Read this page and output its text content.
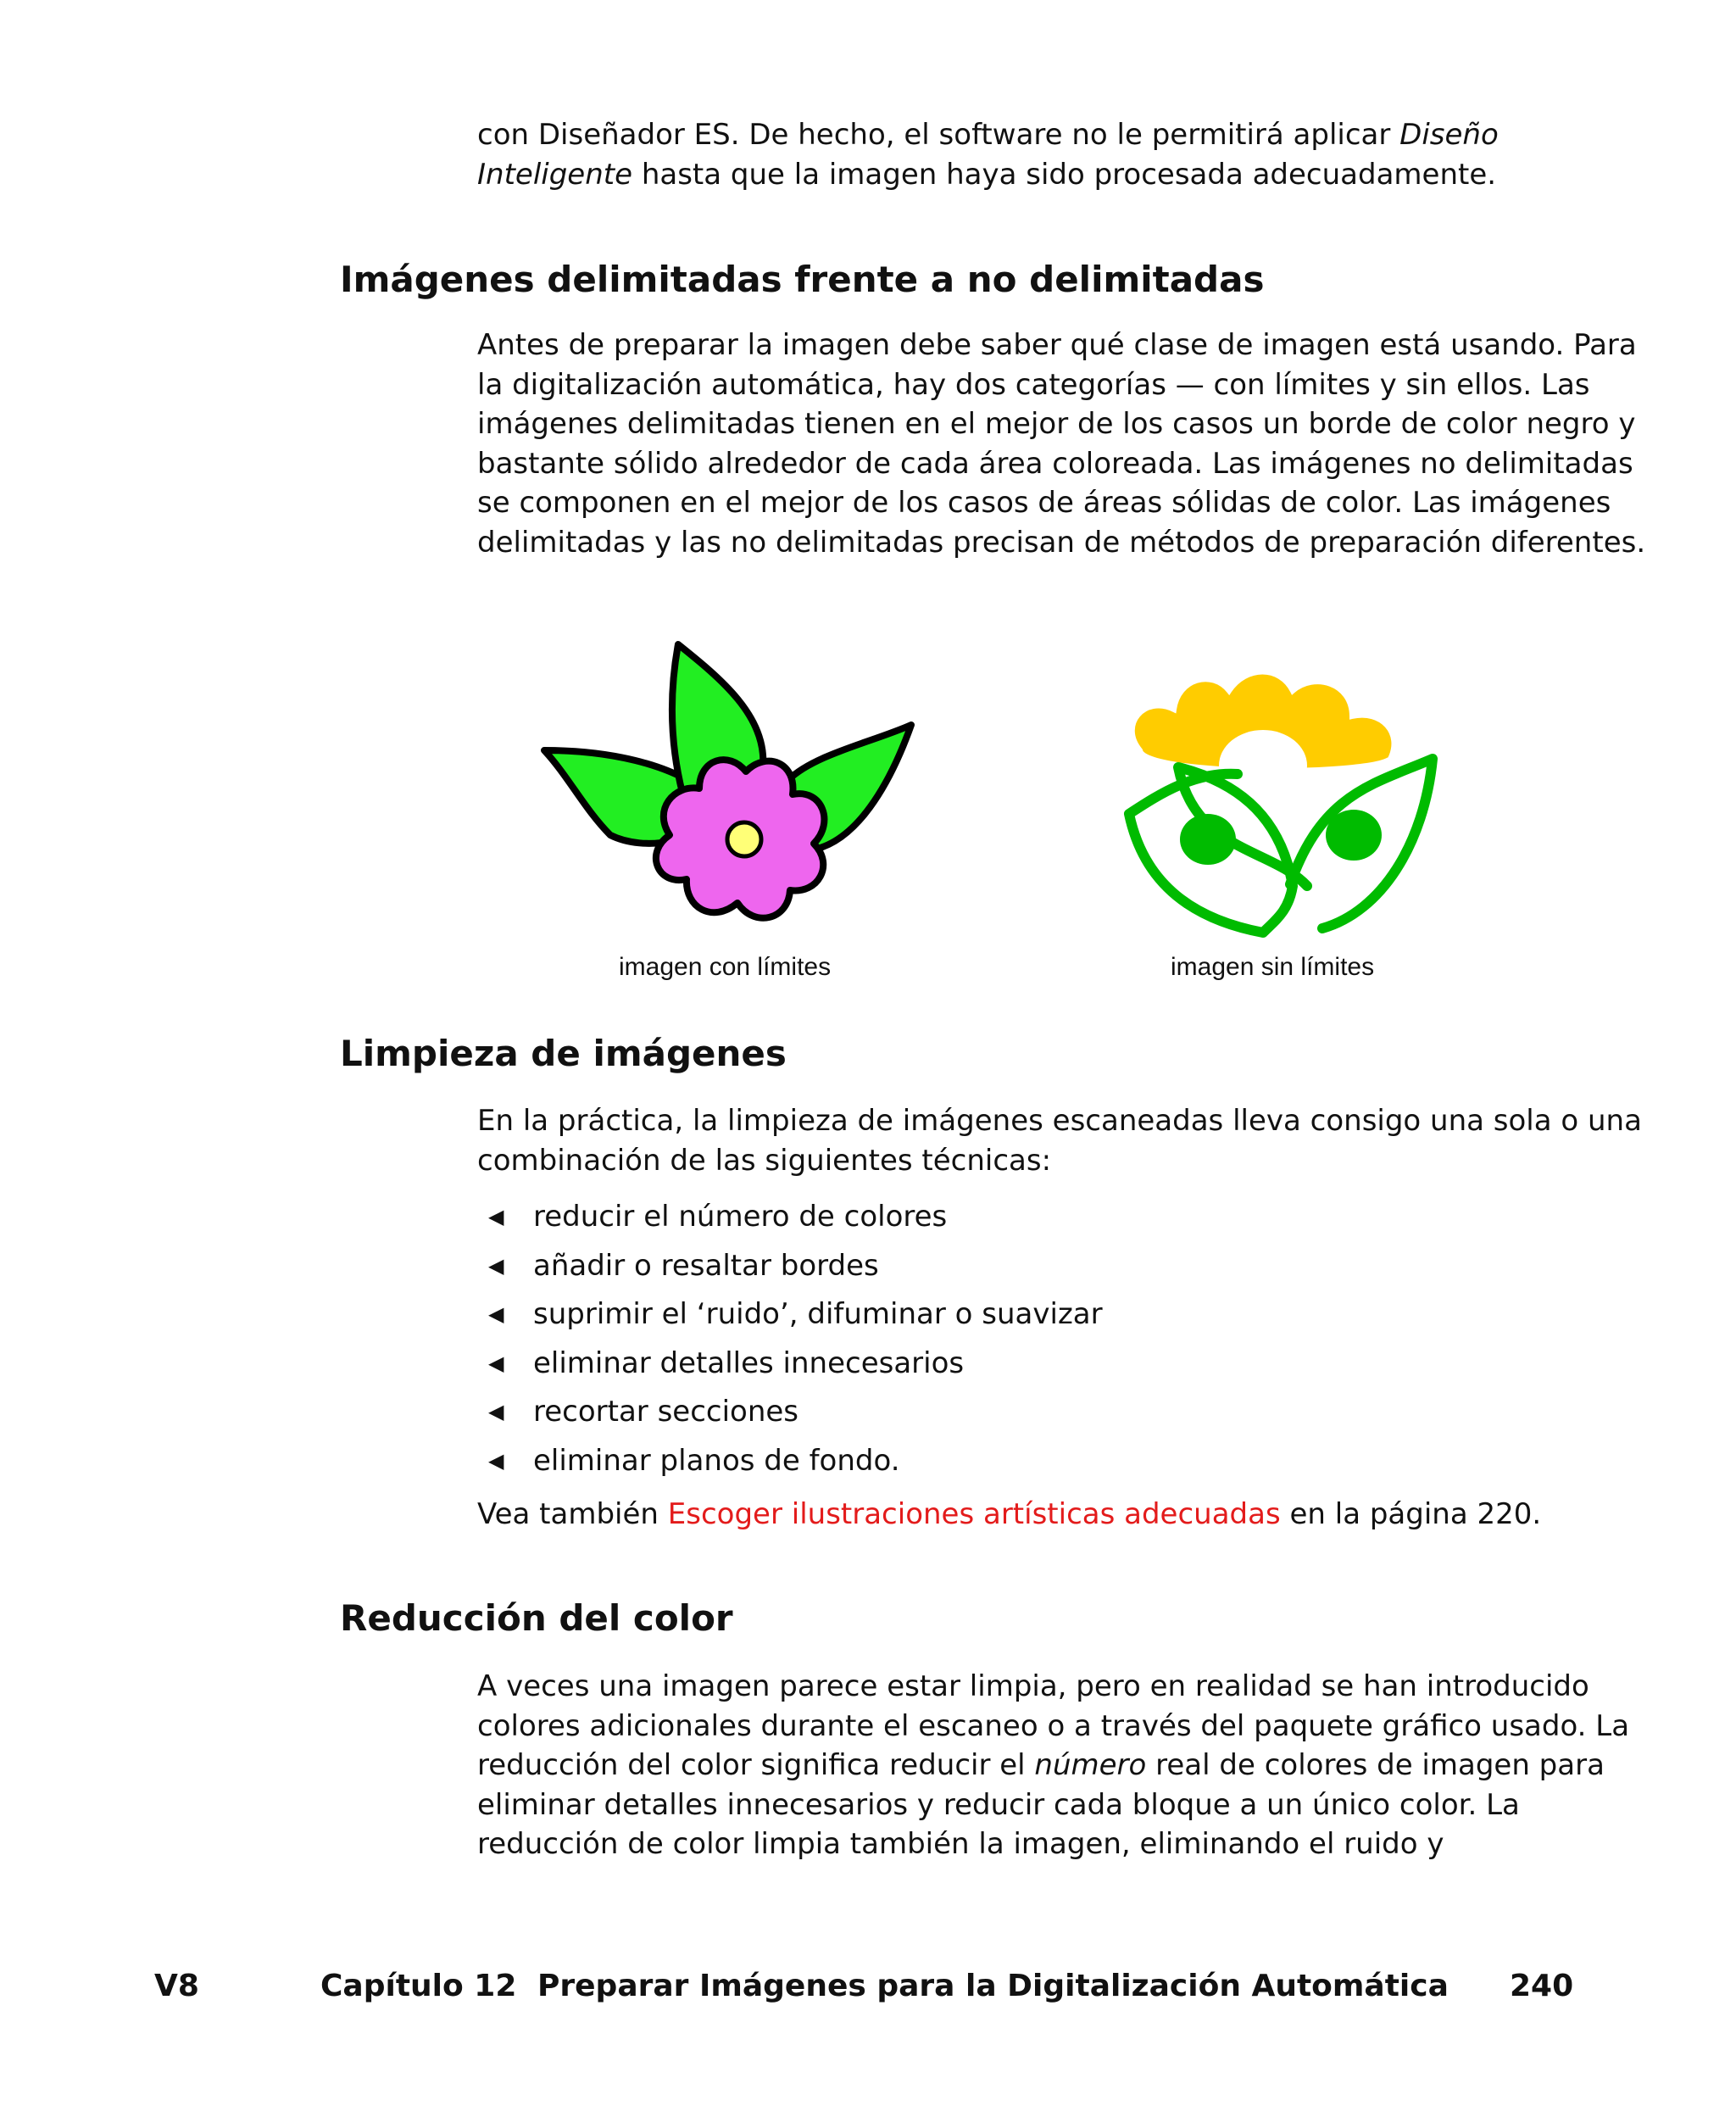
con Diseñador ES. De hecho, el software no le permitirá aplicar Diseño Inteligente hasta que la imagen haya sido procesada adecuadamente.
Imágenes delimitadas frente a no delimitadas
Antes de preparar la imagen debe saber qué clase de imagen está usando. Para la digitalización automática, hay dos categorías — con límites y sin ellos. Las imágenes delimitadas tienen en el mejor de los casos un borde de color negro y bastante sólido alrededor de cada área coloreada. Las imágenes no delimitadas se componen en el mejor de los casos de áreas sólidas de color. Las imágenes delimitadas y las no delimitadas precisan de métodos de preparación diferentes.
imagen con límites	imagen sin límites
Limpieza de imágenes
En la práctica, la limpieza de imágenes escaneadas lleva consigo una sola o una combinación de las siguientes técnicas:
◀ reducir el número de colores
◀ añadir o resaltar bordes
◀ suprimir el ‘ruido’, difuminar o suavizar
◀ eliminar detalles innecesarios
◀ recortar secciones
◀ eliminar planos de fondo.
Vea también Escoger ilustraciones artísticas adecuadas en la página 220.
Reducción del color
A veces una imagen parece estar limpia, pero en realidad se han introducido colores adicionales durante el escaneo o a través del paquete gráfico usado. La reducción del color significa reducir el número real de colores de imagen para eliminar detalles innecesarios y reducir cada bloque a un único color. La reducción de color limpia también la imagen, eliminando el ruido y
V8	Capítulo 12 Preparar Imágenes para la Digitalización Automática 240
